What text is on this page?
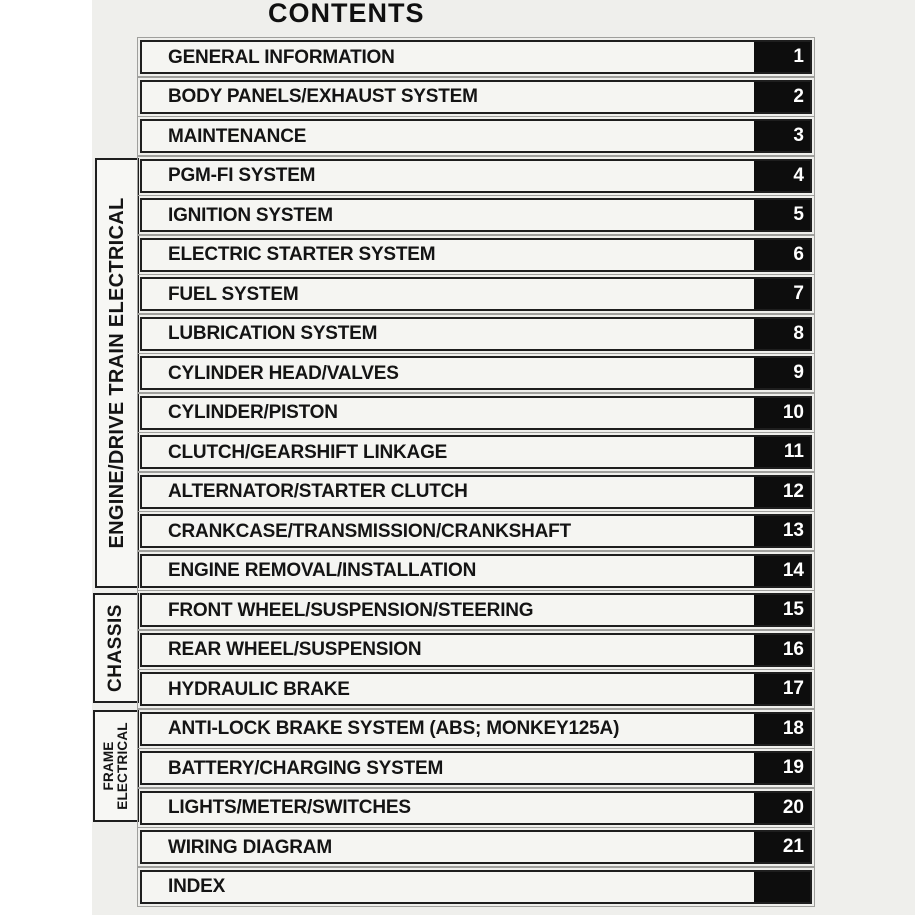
CONTENTS
ENGINE/DRIVE TRAIN ELECTRICAL
CHASSIS
FRAME ELECTRICAL
GENERAL INFORMATION	1
BODY PANELS/EXHAUST SYSTEM	2
MAINTENANCE	3
PGM-FI SYSTEM	4
IGNITION SYSTEM	5
ELECTRIC STARTER SYSTEM	6
FUEL SYSTEM	7
LUBRICATION SYSTEM	8
CYLINDER HEAD/VALVES	9
CYLINDER/PISTON	10
CLUTCH/GEARSHIFT LINKAGE	11
ALTERNATOR/STARTER CLUTCH	12
CRANKCASE/TRANSMISSION/CRANKSHAFT	13
ENGINE REMOVAL/INSTALLATION	14
FRONT WHEEL/SUSPENSION/STEERING	15
REAR WHEEL/SUSPENSION	16
HYDRAULIC BRAKE	17
ANTI-LOCK BRAKE SYSTEM (ABS; MONKEY125A)	18
BATTERY/CHARGING SYSTEM	19
LIGHTS/METER/SWITCHES	20
WIRING DIAGRAM	21
INDEX
